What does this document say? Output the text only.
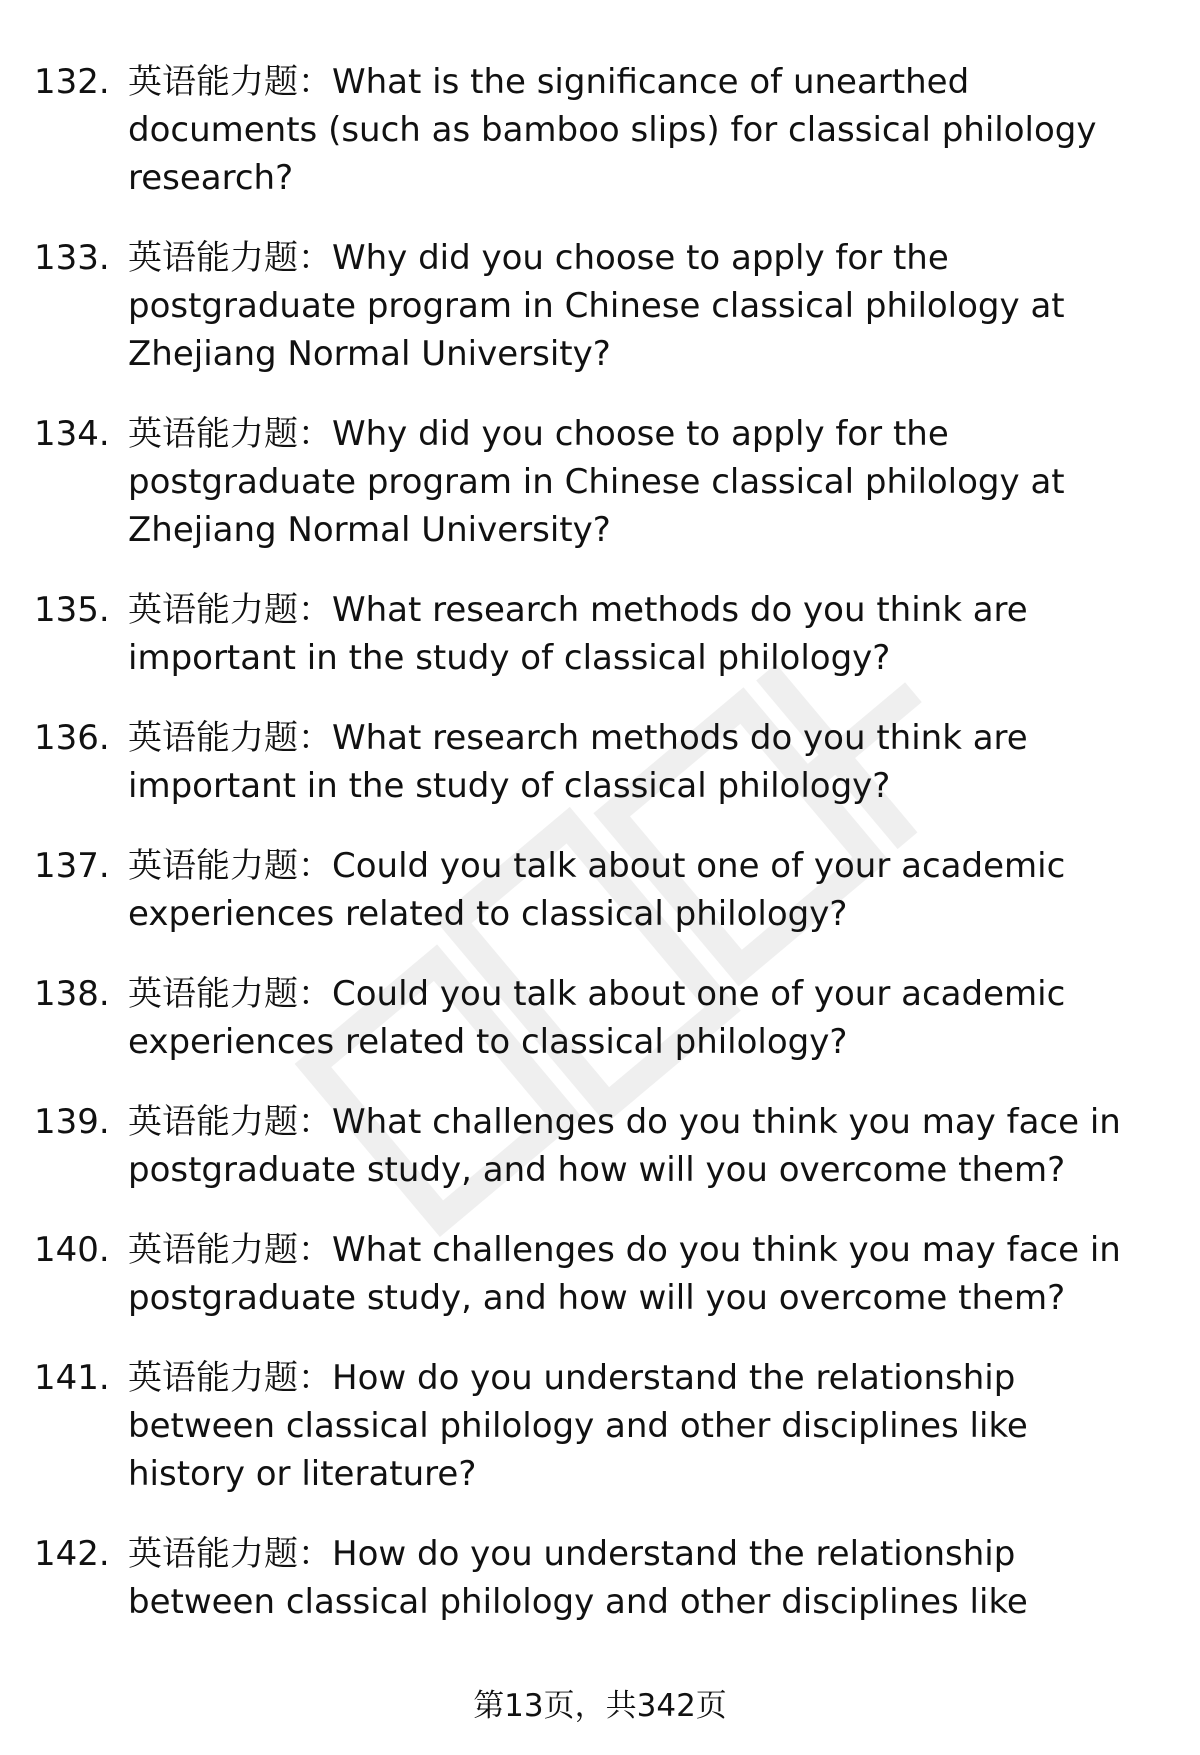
132. 英语能力题：What is the significance of unearthed
documents (such as bamboo slips) for classical philology
research?
133. 英语能力题：Why did you choose to apply for the
postgraduate program in Chinese classical philology at
Zhejiang Normal University?
134. 英语能力题：Why did you choose to apply for the
postgraduate program in Chinese classical philology at
Zhejiang Normal University?
135. 英语能力题：What research methods do you think are
important in the study of classical philology?
136. 英语能力题：What research methods do you think are
important in the study of classical philology?
137. 英语能力题：Could you talk about one of your academic
experiences related to classical philology?
138. 英语能力题：Could you talk about one of your academic
experiences related to classical philology?
139. 英语能力题：What challenges do you think you may face in
postgraduate study, and how will you overcome them?
140. 英语能力题：What challenges do you think you may face in
postgraduate study, and how will you overcome them?
141. 英语能力题：How do you understand the relationship
between classical philology and other disciplines like
history or literature?
142. 英语能力题：How do you understand the relationship
between classical philology and other disciplines like
第13页，共342页
